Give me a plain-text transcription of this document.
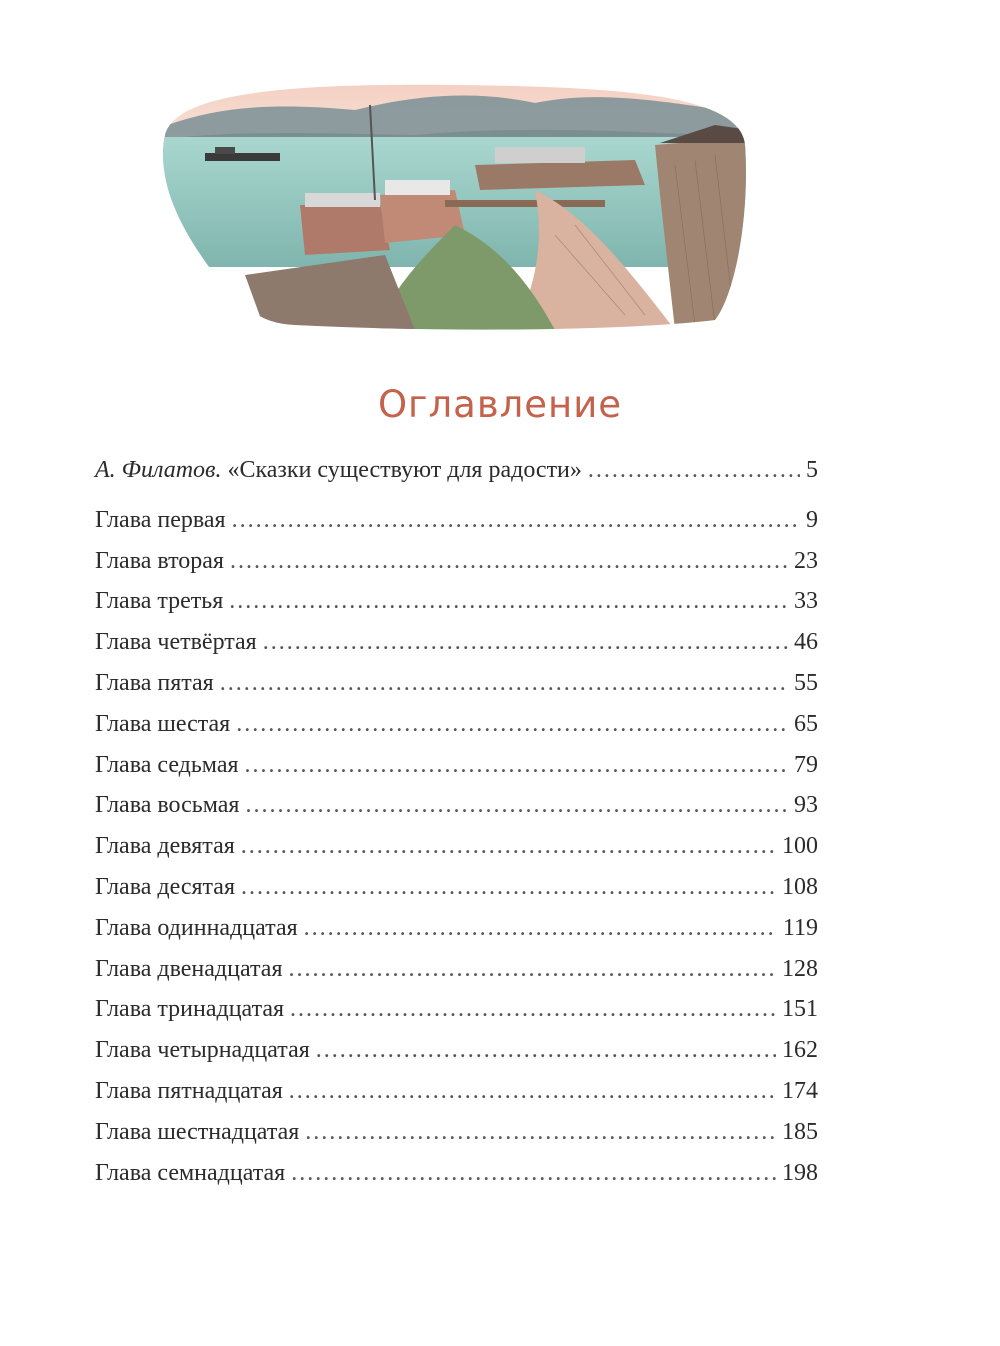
Оглавление
А. Филатов. «Сказки существуют для радости» . . .	5
Глава первая . . .	9
Глава вторая . . .	23
Глава третья . . .	33
Глава четвёртая . . .	46
Глава пятая . . .	55
Глава шестая . . .	65
Глава седьмая . . .	79
Глава восьмая . . .	93
Глава девятая . . .	100
Глава десятая . . .	108
Глава одиннадцатая . . .	119
Глава двенадцатая . . .	128
Глава тринадцатая . . .	151
Глава четырнадцатая . . .	162
Глава пятнадцатая . . .	174
Глава шестнадцатая . . .	185
Глава семнадцатая . . .	198
